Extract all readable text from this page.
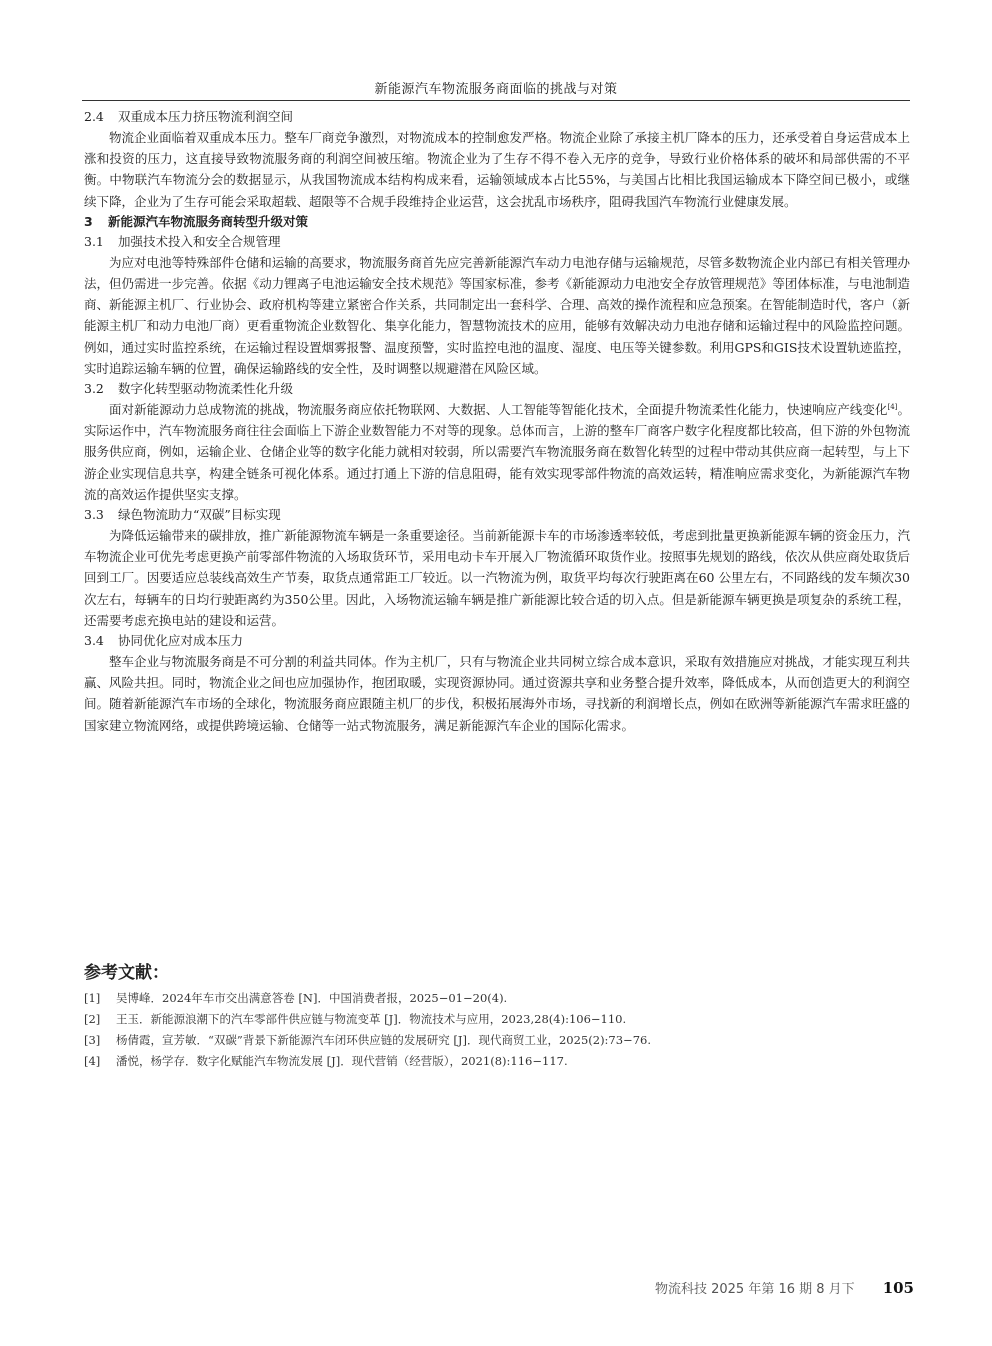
新能源汽车物流服务商面临的挑战与对策

2.4 双重成本压力挤压物流利润空间

物流企业面临着双重成本压力。整车厂商竞争激烈，对物流成本的控制愈发严格。物流企业除了承接主机厂降本的压力，还承受着自身运营成本上涨和投资的压力，这直接导致物流服务商的利润空间被压缩。物流企业为了生存不得不卷入无序的竞争，导致行业价格体系的破坏和局部供需的不平衡。中物联汽车物流分会的数据显示，从我国物流成本结构构成来看，运输领域成本占比55%，与美国占比相比我国运输成本下降空间已极小，或继续下降，企业为了生存可能会采取超载、超限等不合规手段维持企业运营，这会扰乱市场秩序，阻碍我国汽车物流行业健康发展。

3 新能源汽车物流服务商转型升级对策

3.1 加强技术投入和安全合规管理

为应对电池等特殊部件仓储和运输的高要求，物流服务商首先应完善新能源汽车动力电池存储与运输规范，尽管多数物流企业内部已有相关管理办法，但仍需进一步完善。依据《动力锂离子电池运输安全技术规范》等国家标准，参考《新能源动力电池安全存放管理规范》等团体标准，与电池制造商、新能源主机厂、行业协会、政府机构等建立紧密合作关系，共同制定出一套科学、合理、高效的操作流程和应急预案。在智能制造时代，客户（新能源主机厂和动力电池厂商）更看重物流企业数智化、集享化能力，智慧物流技术的应用，能够有效解决动力电池存储和运输过程中的风险监控问题。例如，通过实时监控系统，在运输过程设置烟雾报警、温度预警，实时监控电池的温度、湿度、电压等关键参数。利用GPS和GIS技术设置轨迹监控，实时追踪运输车辆的位置，确保运输路线的安全性，及时调整以规避潜在风险区域。

3.2 数字化转型驱动物流柔性化升级

面对新能源动力总成物流的挑战，物流服务商应依托物联网、大数据、人工智能等智能化技术，全面提升物流柔性化能力，快速响应产线变化[4]。实际运作中，汽车物流服务商往往会面临上下游企业数智能力不对等的现象。总体而言，上游的整车厂商客户数字化程度都比较高，但下游的外包物流服务供应商，例如，运输企业、仓储企业等的数字化能力就相对较弱，所以需要汽车物流服务商在数智化转型的过程中带动其供应商一起转型，与上下游企业实现信息共享，构建全链条可视化体系。通过打通上下游的信息阻碍，能有效实现零部件物流的高效运转，精准响应需求变化，为新能源汽车物流的高效运作提供坚实支撑。

3.3 绿色物流助力“双碳”目标实现

为降低运输带来的碳排放，推广新能源物流车辆是一条重要途径。当前新能源卡车的市场渗透率较低，考虑到批量更换新能源车辆的资金压力，汽车物流企业可优先考虑更换产前零部件物流的入场取货环节，采用电动卡车开展入厂物流循环取货作业。按照事先规划的路线，依次从供应商处取货后回到工厂。因要适应总装线高效生产节奏，取货点通常距工厂较近。以一汽物流为例，取货平均每次行驶距离在60 公里左右，不同路线的发车频次30次左右，每辆车的日均行驶距离约为350公里。因此，入场物流运输车辆是推广新能源比较合适的切入点。但是新能源车辆更换是项复杂的系统工程，还需要考虑充换电站的建设和运营。

3.4 协同优化应对成本压力

整车企业与物流服务商是不可分割的利益共同体。作为主机厂，只有与物流企业共同树立综合成本意识，采取有效措施应对挑战，才能实现互利共赢、风险共担。同时，物流企业之间也应加强协作，抱团取暖，实现资源协同。通过资源共享和业务整合提升效率，降低成本，从而创造更大的利润空间。随着新能源汽车市场的全球化，物流服务商应跟随主机厂的步伐，积极拓展海外市场，寻找新的利润增长点，例如在欧洲等新能源汽车需求旺盛的国家建立物流网络，或提供跨境运输、仓储等一站式物流服务，满足新能源汽车企业的国际化需求。

参考文献：

[1] 吴博峰．2024年车市交出满意答卷 [N]．中国消费者报，2025−01−20(4).

[2] 王玉．新能源浪潮下的汽车零部件供应链与物流变革 [J]．物流技术与应用，2023,28(4):106−110.

[3] 杨倩霞，宣芳敏．“双碳”背景下新能源汽车闭环供应链的发展研究 [J]．现代商贸工业，2025(2):73−76.

[4] 潘悦，杨学存．数字化赋能汽车物流发展 [J]．现代营销（经营版），2021(8):116−117.

物流科技 2025 年第 16 期 8 月下 105
